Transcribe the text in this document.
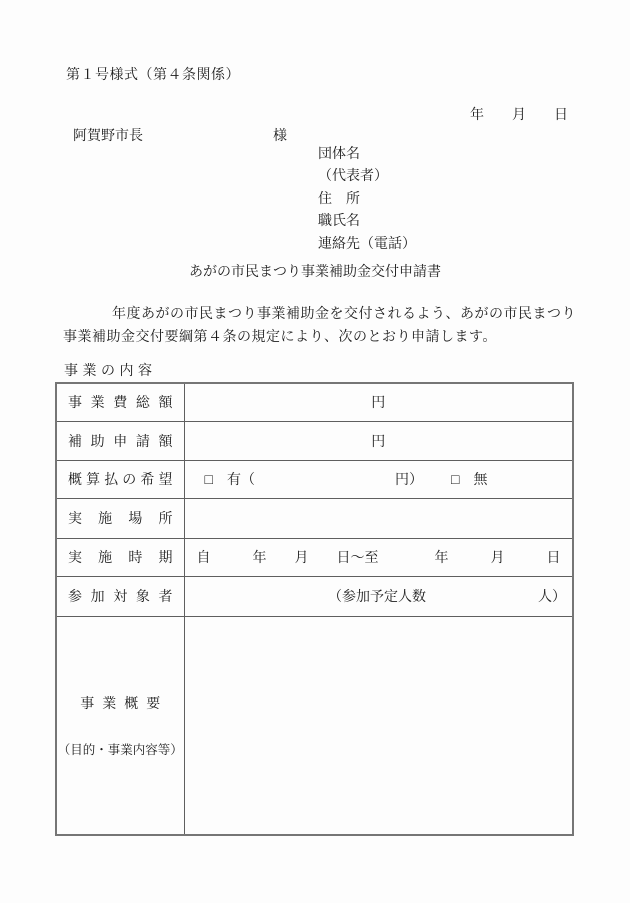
第１号様式（第４条関係）
年　　月　　日
阿賀野市長	様
団体名
（代表者）
住　所
職氏名
連絡先（電話）
あがの市民まつり事業補助金交付申請書
年度あがの市民まつり事業補助金を交付されるよう、あがの市民まつり
事業補助金交付要綱第４条の規定により、次のとおり申請します。
事業の内容
事業費総額	円

補助申請額	円

概算払の希望	□ 有（ 円） □ 無

実施場所	

実施時期	自　　　年　　月　　日～至　　　　年　　　月　　　日

参加対象者	（参加予定人数　　　　　　　　人）

事業概要
（目的・事業内容等）	
